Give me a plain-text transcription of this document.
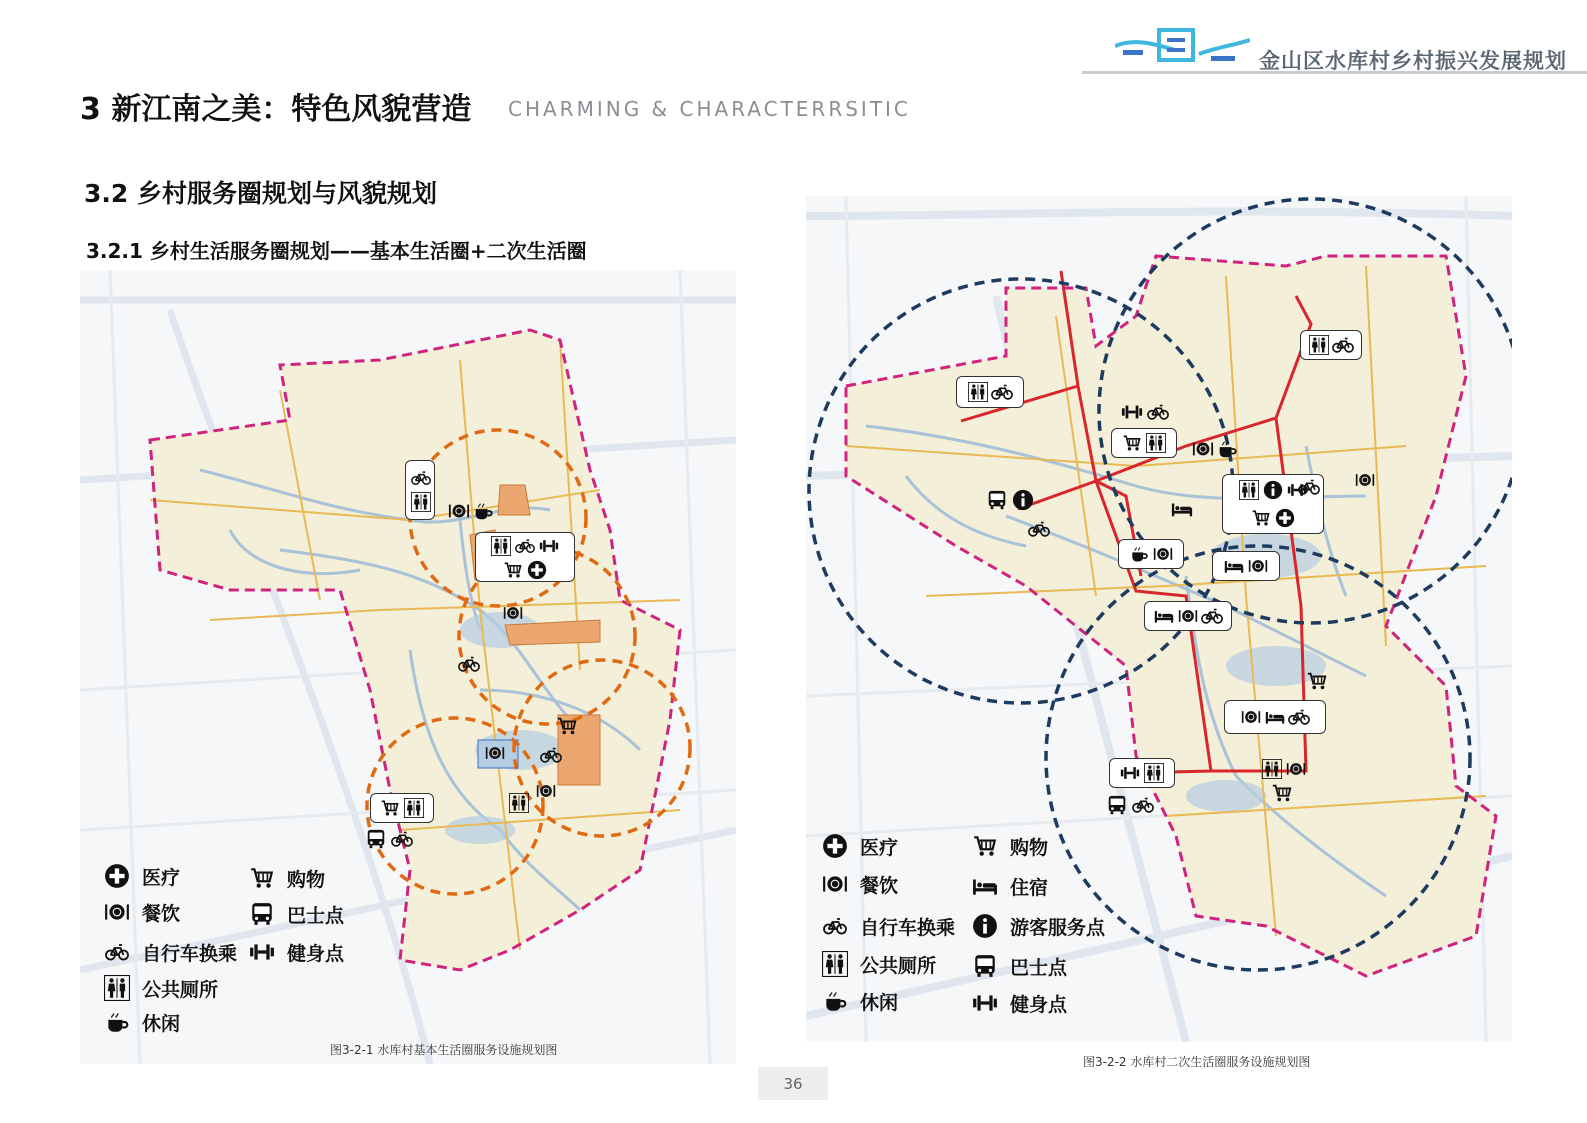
金山区水库村乡村振兴发展规划
3 新江南之美：特色风貌营造 CHARMING & CHARACTERRSITIC
3.2 乡村服务圈规划与风貌规划
3.2.1 乡村生活服务圈规划——基本生活圈+二次生活圈
医疗	购物
餐饮	巴士点
自行车换乘	健身点
公共厕所
休闲
图3-2-1 水库村基本生活圈服务设施规划图
医疗	购物
餐饮	住宿
自行车换乘	游客服务点
公共厕所	巴士点
休闲	健身点
图3-2-2 水库村二次生活圈服务设施规划图
36
